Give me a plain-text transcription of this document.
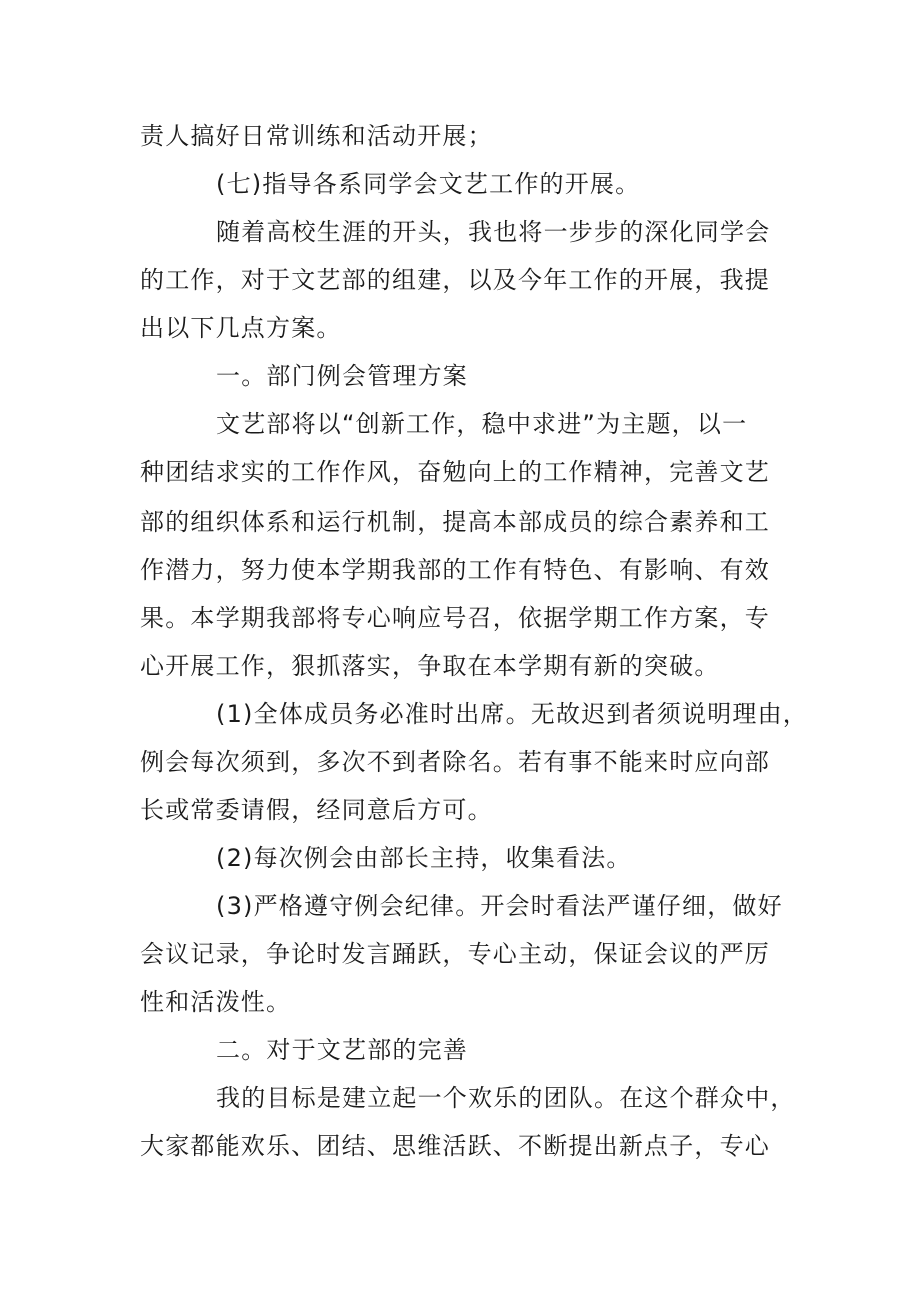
责人搞好日常训练和活动开展；
(七)指导各系同学会文艺工作的开展。
随着高校生涯的开头，我也将一步步的深化同学会
的工作，对于文艺部的组建，以及今年工作的开展，我提
出以下几点方案。
一。部门例会管理方案
文艺部将以“创新工作，稳中求进”为主题，以一
种团结求实的工作作风，奋勉向上的工作精神，完善文艺
部的组织体系和运行机制，提高本部成员的综合素养和工
作潜力，努力使本学期我部的工作有特色、有影响、有效
果。本学期我部将专心响应号召，依据学期工作方案，专
心开展工作，狠抓落实，争取在本学期有新的突破。
(1)全体成员务必准时出席。无故迟到者须说明理由，
例会每次须到，多次不到者除名。若有事不能来时应向部
长或常委请假，经同意后方可。
(2)每次例会由部长主持，收集看法。
(3)严格遵守例会纪律。开会时看法严谨仔细，做好
会议记录，争论时发言踊跃，专心主动，保证会议的严厉
性和活泼性。
二。对于文艺部的完善
我的目标是建立起一个欢乐的团队。在这个群众中，
大家都能欢乐、团结、思维活跃、不断提出新点子，专心
